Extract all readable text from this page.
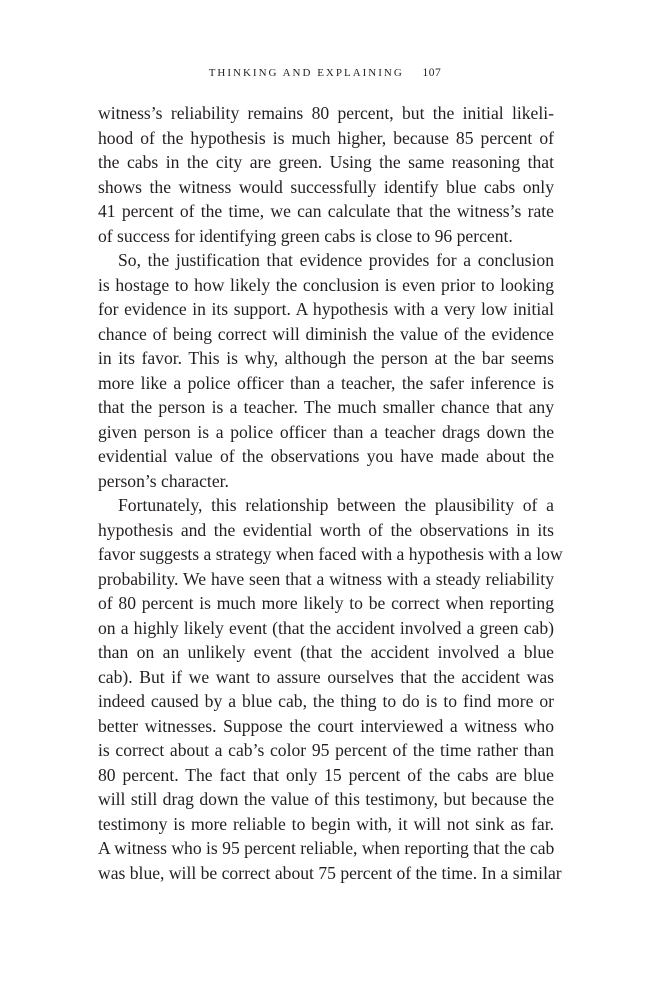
THINKING AND EXPLAINING 107
witness’s reliability remains 80 percent, but the initial likeli-
hood of the hypothesis is much higher, because 85 percent of
the cabs in the city are green. Using the same reasoning that
shows the witness would successfully identify blue cabs only
41 percent of the time, we can calculate that the witness’s rate
of success for identifying green cabs is close to 96 percent.
So, the justification that evidence provides for a conclusion
is hostage to how likely the conclusion is even prior to looking
for evidence in its support. A hypothesis with a very low initial
chance of being correct will diminish the value of the evidence
in its favor. This is why, although the person at the bar seems
more like a police officer than a teacher, the safer inference is
that the person is a teacher. The much smaller chance that any
given person is a police officer than a teacher drags down the
evidential value of the observations you have made about the
person’s character.
Fortunately, this relationship between the plausibility of a
hypothesis and the evidential worth of the observations in its
favor suggests a strategy when faced with a hypothesis with a low
probability. We have seen that a witness with a steady reliability
of 80 percent is much more likely to be correct when reporting
on a highly likely event (that the accident involved a green cab)
than on an unlikely event (that the accident involved a blue
cab). But if we want to assure ourselves that the accident was
indeed caused by a blue cab, the thing to do is to find more or
better witnesses. Suppose the court interviewed a witness who
is correct about a cab’s color 95 percent of the time rather than
80 percent. The fact that only 15 percent of the cabs are blue
will still drag down the value of this testimony, but because the
testimony is more reliable to begin with, it will not sink as far.
A witness who is 95 percent reliable, when reporting that the cab
was blue, will be correct about 75 percent of the time. In a similar
